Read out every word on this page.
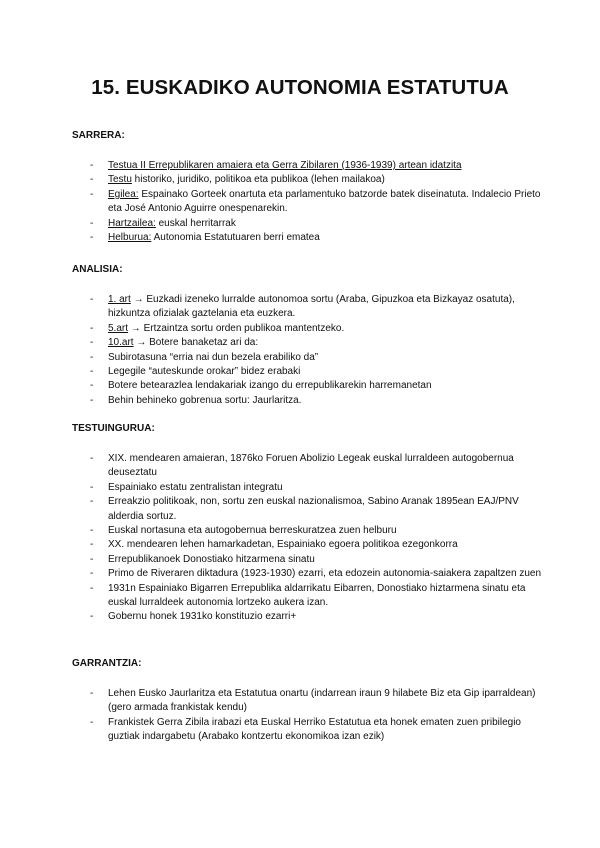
15. EUSKADIKO AUTONOMIA ESTATUTUA
SARRERA:
- Testua II Errepublikaren amaiera eta Gerra Zibilaren (1936-1939) artean idatzita
- Testu historiko, juridiko, politikoa eta publikoa (lehen mailakoa)
- Egilea: Espainako Gorteek onartuta eta parlamentuko batzorde batek diseinatuta. Indalecio Prieto eta José Antonio Aguirre onespenarekin.
- Hartzailea: euskal herritarrak
- Helburua: Autonomia Estatutuaren berri ematea
ANALISIA:
- 1. art → Euzkadi izeneko lurralde autonomoa sortu (Araba, Gipuzkoa eta Bizkayaz osatuta), hizkuntza ofizialak gaztelania eta euzkera.
- 5.art → Ertzaintza sortu orden publikoa mantentzeko.
- 10.art → Botere banaketaz ari da:
- Subirotasuna “erria nai dun bezela erabiliko da”
- Legegile “auteskunde orokar” bidez erabaki
- Botere betearazlea lendakariak izango du errepublikarekin harremanetan
- Behin behineko gobrenua sortu: Jaurlaritza.
TESTUINGURUA:
- XIX. mendearen amaieran, 1876ko Foruen Abolizio Legeak euskal lurraldeen autogobernua deuseztatu
- Espainiako estatu zentralistan integratu
- Erreakzio politikoak, non, sortu zen euskal nazionalismoa, Sabino Aranak 1895ean EAJ/PNV alderdia sortuz.
- Euskal nortasuna eta autogobernua berreskuratzea zuen helburu
- XX. mendearen lehen hamarkadetan, Espainiako egoera politikoa ezegonkorra
- Errepublikanoek Donostiako hitzarmena sinatu
- Primo de Riveraren diktadura (1923-1930) ezarri, eta edozein autonomia-saiakera zapaltzen zuen
- 1931n Espainiako Bigarren Errepublika aldarrikatu Eibarren, Donostiako hiztarmena sinatu eta euskal lurraldeek autonomia lortzeko aukera izan.
- Gobernu honek 1931ko konstituzio ezarri+
GARRANTZIA:
- Lehen Eusko Jaurlaritza eta Estatutua onartu (indarrean iraun 9 hilabete Biz eta Gip iparraldean) (gero armada frankistak kendu)
- Frankistek Gerra Zibila irabazi eta Euskal Herriko Estatutua eta honek ematen zuen pribilegio guztiak indargabetu (Arabako kontzertu ekonomikoa izan ezik)
